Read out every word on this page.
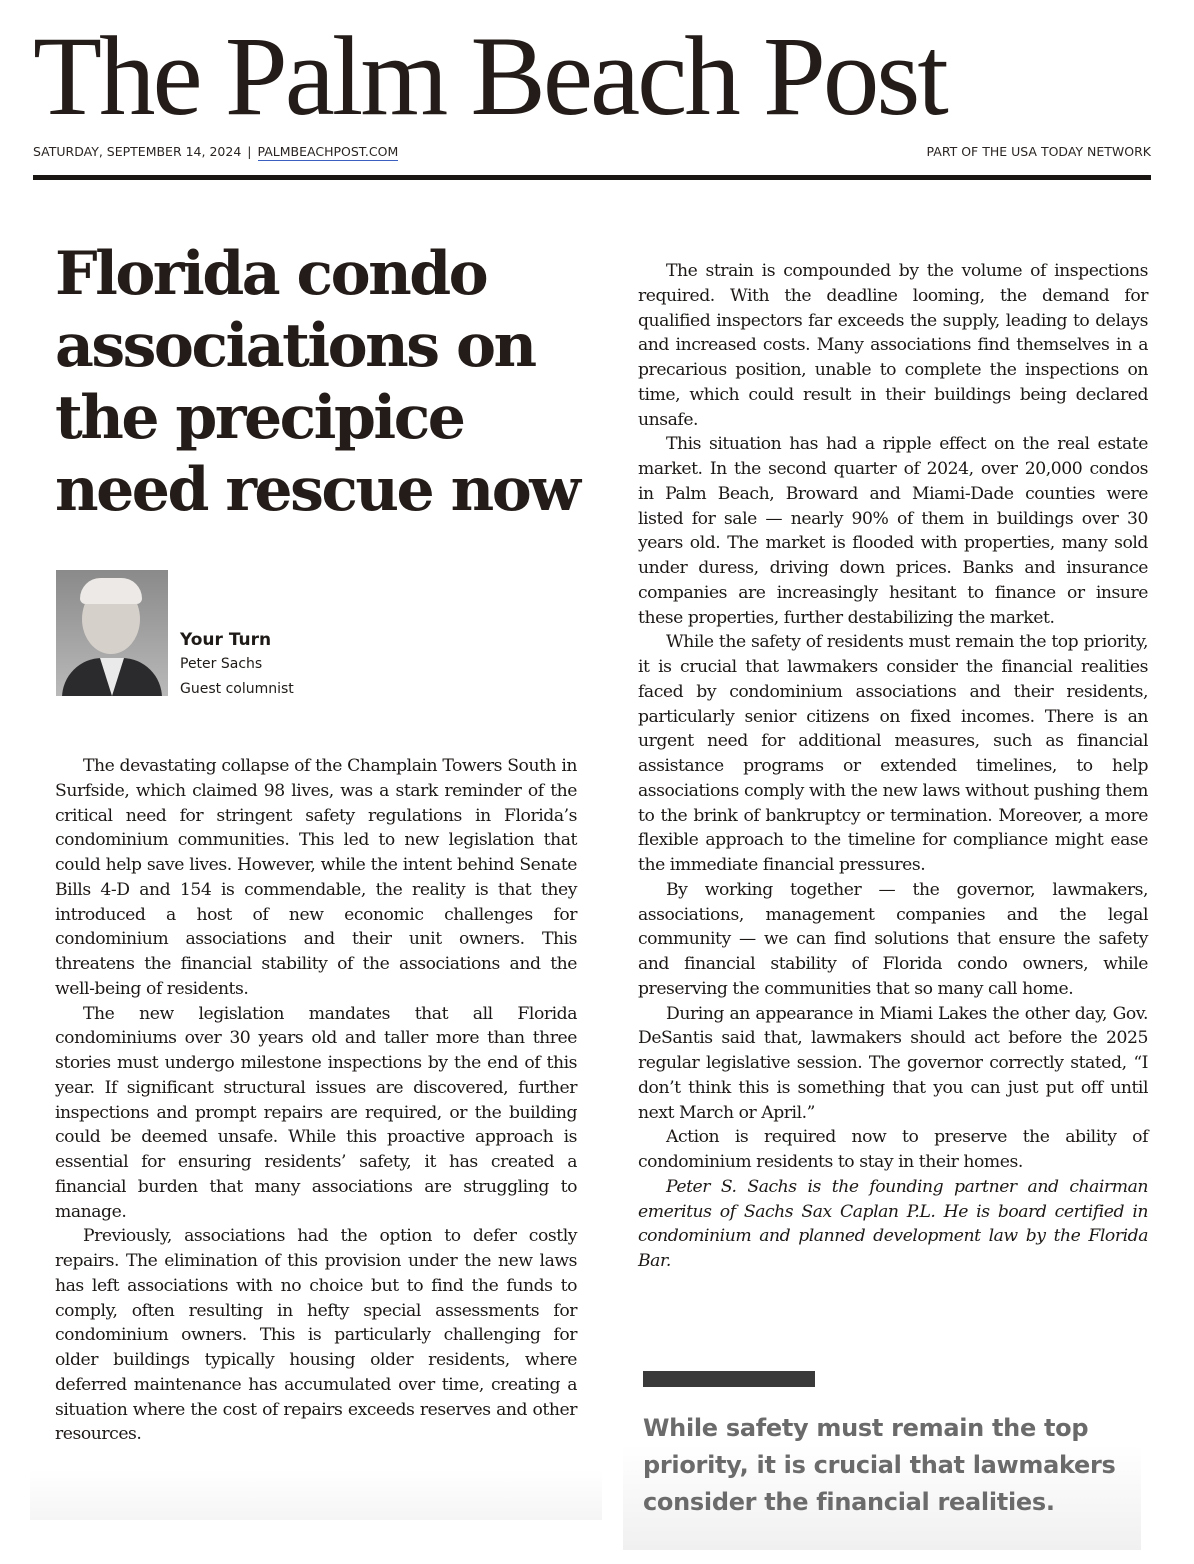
The Palm Beach Post
SATURDAY, SEPTEMBER 14, 2024 | PALMBEACHPOST.COM	PART OF THE USA TODAY NETWORK
Florida condo associations on the precipice need rescue now
Your Turn
Peter Sachs
Guest columnist

The devastating collapse of the Champlain Towers South in Surfside, which claimed 98 lives, was a stark reminder of the critical need for stringent safety regulations in Florida’s condominium communities. This led to new legislation that could help save lives. However, while the intent behind Senate Bills 4-D and 154 is commendable, the reality is that they introduced a host of new economic challenges for condominium associations and their unit owners. This threatens the financial stability of the associations and the well-being of residents.

The new legislation mandates that all Florida condominiums over 30 years old and taller more than three stories must undergo milestone inspections by the end of this year. If significant structural issues are discovered, further inspections and prompt repairs are required, or the building could be deemed unsafe. While this proactive approach is essential for ensuring residents’ safety, it has created a financial burden that many associations are struggling to manage.

Previously, associations had the option to defer costly repairs. The elimination of this provision under the new laws has left associations with no choice but to find the funds to comply, often resulting in hefty special assessments for condominium owners. This is particularly challenging for older buildings typically housing older residents, where deferred maintenance has accumulated over time, creating a situation where the cost of repairs exceeds reserves and other resources.

The strain is compounded by the volume of inspections required. With the deadline looming, the demand for qualified inspectors far exceeds the supply, leading to delays and increased costs. Many associations find themselves in a precarious position, unable to complete the inspections on time, which could result in their buildings being declared unsafe.

This situation has had a ripple effect on the real estate market. In the second quarter of 2024, over 20,000 condos in Palm Beach, Broward and Miami-Dade counties were listed for sale — nearly 90% of them in buildings over 30 years old. The market is flooded with properties, many sold under duress, driving down prices. Banks and insurance companies are increasingly hesitant to finance or insure these properties, further destabilizing the market.

While the safety of residents must remain the top priority, it is crucial that lawmakers consider the financial realities faced by condominium associations and their residents, particularly senior citizens on fixed incomes. There is an urgent need for additional measures, such as financial assistance programs or extended timelines, to help associations comply with the new laws without pushing them to the brink of bankruptcy or termination. Moreover, a more flexible approach to the timeline for compliance might ease the immediate financial pressures.

By working together — the governor, lawmakers, associations, management companies and the legal community — we can find solutions that ensure the safety and financial stability of Florida condo owners, while preserving the communities that so many call home.

During an appearance in Miami Lakes the other day, Gov. DeSantis said that, lawmakers should act before the 2025 regular legislative session. The governor correctly stated, “I don’t think this is something that you can just put off until next March or April.”

Action is required now to preserve the ability of condominium residents to stay in their homes.

Peter S. Sachs is the founding partner and chairman emeritus of Sachs Sax Caplan P.L. He is board certified in condominium and planned development law by the Florida Bar.

While safety must remain the top priority, it is crucial that lawmakers consider the financial realities.
